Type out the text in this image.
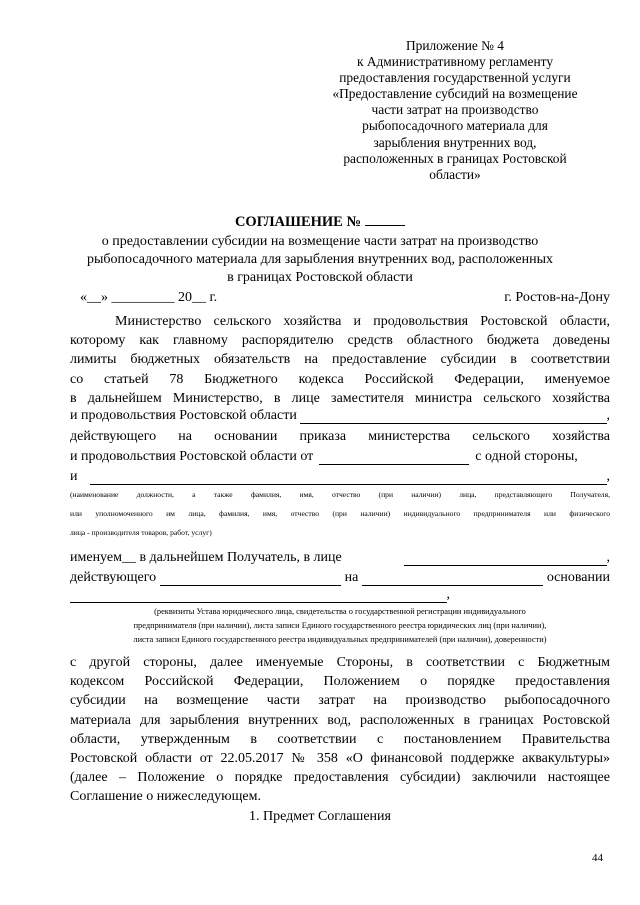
Приложение № 4
к Административному регламенту
предоставления государственной услуги
«Предоставление субсидий на возмещение
части затрат на производство
рыбопосадочного материала для
зарыбления внутренних вод,
расположенных в границах Ростовской
области»
СОГЛАШЕНИЕ №
о предоставлении субсидии на возмещение части затрат на производство
рыбопосадочного материала для зарыбления внутренних вод, расположенных
в границах Ростовской области
«__» _________ 20__ г.	г. Ростов-на-Дону
Министерство сельского хозяйства и продовольствия Ростовской области,
которому как главному распорядителю средств областного бюджета доведены
лимиты бюджетных обязательств на предоставление субсидии в соответствии
со статьей 78 Бюджетного кодекса Российской Федерации, именуемое
в дальнейшем Министерство, в лице заместителя министра сельского хозяйства
и продовольствия Ростовской области	,
действующего на основании приказа министерства сельского хозяйства
и продовольствия Ростовской области от	с одной стороны,
и	,
(наименование должности, а также фамилия, имя, отчество (при наличии) лица, представляющего Получателя,
или уполномоченного им лица, фамилия, имя, отчество (при наличии) индивидуального предпринимателя или физического
лица - производителя товаров, работ, услуг)
именуем__ в дальнейшем Получатель, в лице	,
действующего	на	основании
,
(реквизиты Устава юридического лица, свидетельства о государственной регистрации индивидуального
предпринимателя (при наличии), листа записи Единого государственного реестра юридических лиц (при наличии),
листа записи Единого государственного реестра индивидуальных предпринимателей (при наличии), доверенности)
с другой стороны, далее именуемые Стороны, в соответствии с Бюджетным
кодексом Российской Федерации, Положением о порядке предоставления
субсидии на возмещение части затрат на производство рыбопосадочного
материала для зарыбления внутренних вод, расположенных в границах Ростовской
области, утвержденным в соответствии с постановлением Правительства
Ростовской области от 22.05.2017 № 358 «О финансовой поддержке аквакультуры»
(далее – Положение о порядке предоставления субсидии) заключили настоящее
Соглашение о нижеследующем.
1. Предмет Соглашения
44
